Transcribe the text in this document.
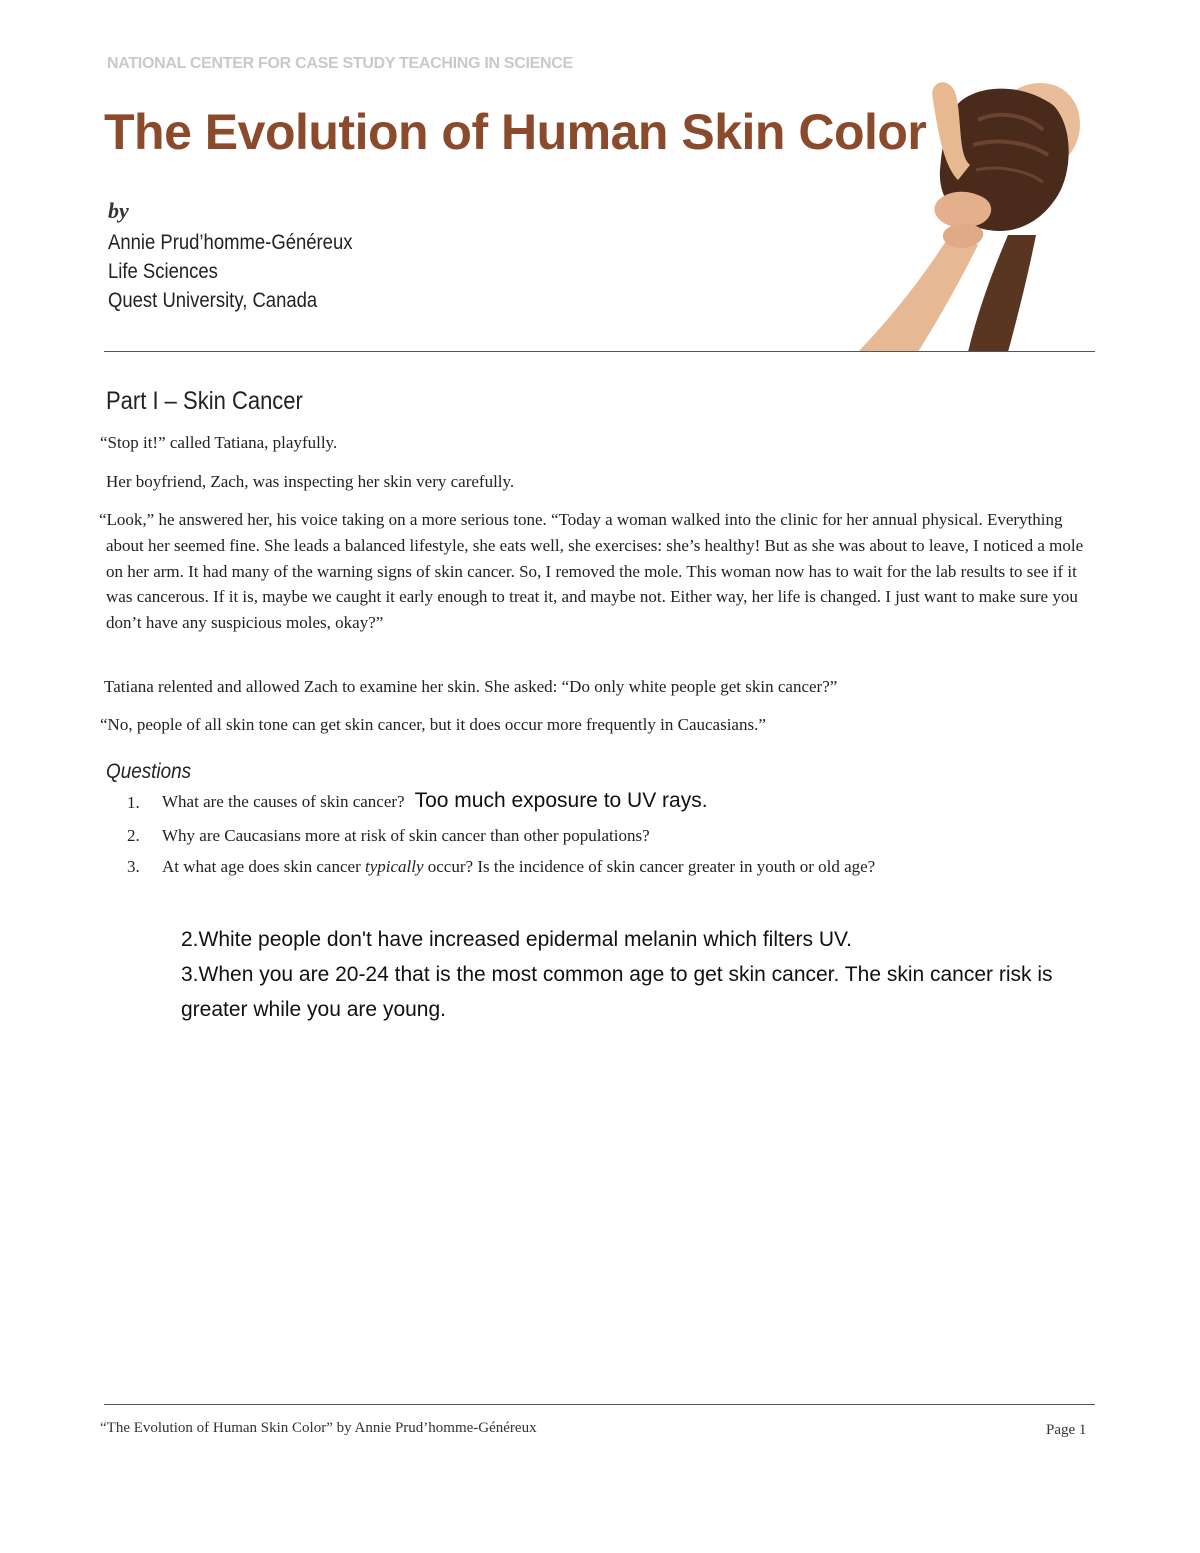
NATIONAL CENTER FOR CASE STUDY TEACHING IN SCIENCE
The Evolution of Human Skin Color
by
Annie Prud’homme-Généreux
Life Sciences
Quest University, Canada
Part I – Skin Cancer
“Stop it!” called Tatiana, playfully.
Her boyfriend, Zach, was inspecting her skin very carefully.
“Look,” he answered her, his voice taking on a more serious tone. “Today a woman walked into the clinic for her annual physical. Everything about her seemed fine. She leads a balanced lifestyle, she eats well, she exercises: she’s healthy! But as she was about to leave, I noticed a mole on her arm. It had many of the warning signs of skin cancer. So, I removed the mole. This woman now has to wait for the lab results to see if it was cancerous. If it is, maybe we caught it early enough to treat it, and maybe not. Either way, her life is changed. I just want to make sure you don’t have any suspicious moles, okay?”
Tatiana relented and allowed Zach to examine her skin. She asked: “Do only white people get skin cancer?”
“No, people of all skin tone can get skin cancer, but it does occur more frequently in Caucasians.”
Questions
1. What are the causes of skin cancer? Too much exposure to UV rays.
2. Why are Caucasians more at risk of skin cancer than other populations?
3. At what age does skin cancer typically occur? Is the incidence of skin cancer greater in youth or old age?
2.White people don't have increased epidermal melanin which filters UV.
3.When you are 20-24 that is the most common age to get skin cancer. The skin cancer risk is
greater while you are young.
“The Evolution of Human Skin Color” by Annie Prud’homme-Généreux	Page 1
